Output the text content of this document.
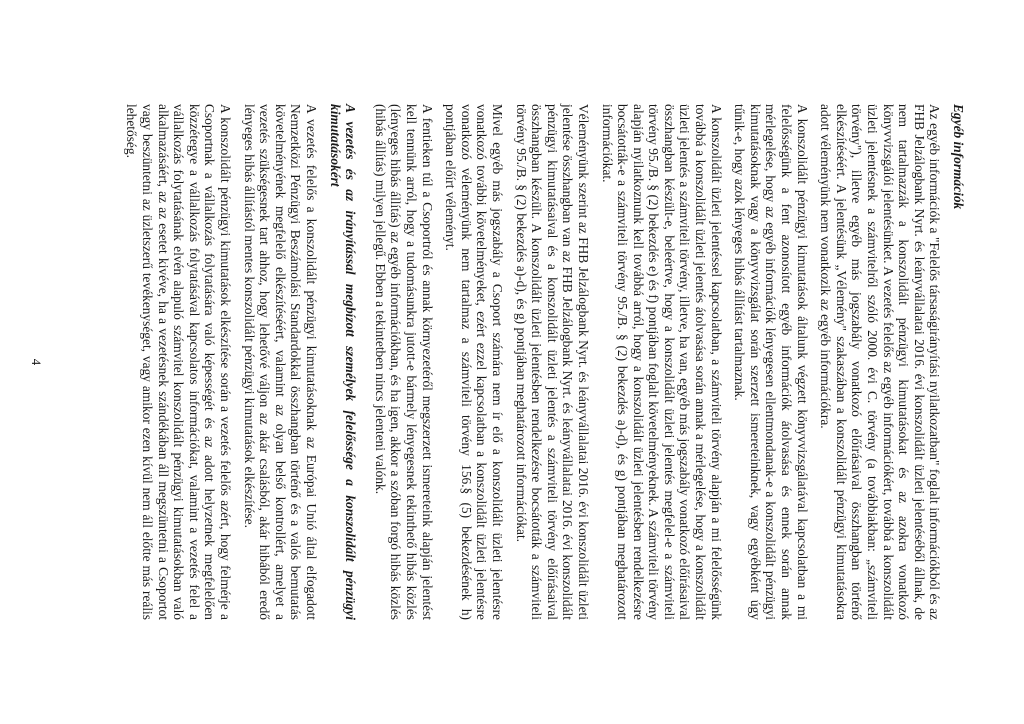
Egyéb információk

Az egyéb információk a "Felelős társaságirányítási nyilatkozatban" foglalt információkból és az FHB Jelzálogbank Nyrt. és leányvállalatai 2016. évi konszolidált üzleti jelentéséből állnak, de nem tartalmazzák a konszolidált pénzügyi kimutatásokat és az azokra vonatkozó könyvvizsgálói jelentésünket. A vezetés felelős az egyéb információkért, továbbá a konszolidált üzleti jelentésnek a számvitelről szóló 2000. évi C. törvény (a továbbiakban: „számviteli törvény"), illetve egyéb más jogszabály vonatkozó előírásaival összhangban történő elkészítéséért. A jelentésünk „Vélemény" szakaszában a konszolidált pénzügyi kimutatásokra adott véleményünk nem vonatkozik az egyéb információkra.

A konszolidált pénzügyi kimutatások általunk végzett könyvvizsgálatával kapcsolatban a mi felelősségünk a fent azonosított egyéb információk átolvasása és ennek során annak mérlegelése, hogy az egyéb információk lényegesen ellentmondanak-e a konszolidált pénzügyi kimutatásoknak vagy a könyvvizsgálat során szerzett ismereteinknek, vagy egyébként úgy tűnik-e, hogy azok lényeges hibás állítást tartalmaznak.

A konszolidált üzleti jelentéssel kapcsolatban, a számviteli törvény alapján a mi felelősségünk továbbá a konszolidált üzleti jelentés átolvasása során annak a mérlegelése, hogy a konszolidált üzleti jelentés a számviteli törvény, illetve, ha van, egyéb más jogszabály vonatkozó előírásaival összhangban készült-e, beleértve, hogy a konszolidált üzleti jelentés megfelel-e a számviteli törvény 95./B. § (2) bekezdés e) és f) pontjában foglalt követelményeknek. A számviteli törvény alapján nyilatkoznunk kell továbbá arról, hogy a konszolidált üzleti jelentésben rendelkezésre bocsátották-e a számviteli törvény 95./B. § (2) bekezdés a)-d), és g) pontjában meghatározott információkat.

Véleményünk szerint az FHB Jelzálogbank Nyrt. és leányvállalatai 2016. évi konszolidált üzleti jelentése összhangban van az FHB Jelzálogbank Nyrt. és leányvállalatai 2016. évi konszolidált pénzügyi kimutatásaival és a konszolidált üzleti jelentés a számviteli törvény előírásaival összhangban készült. A konszolidált üzleti jelentésben rendelkezésre bocsátották a számviteli törvény 95./B. § (2) bekezdés a)-d), és g) pontjában meghatározott információkat.

Mivel egyéb más jogszabály a Csoport számára nem ír elő a konszolidált üzleti jelentésre vonatkozó további követelményeket, ezért ezzel kapcsolatban a konszolidált üzleti jelentésre vonatkozó véleményünk nem tartalmaz a számviteli törvény 156.§ (5) bekezdésének h) pontjában előírt véleményt.

A fentieken túl a Csoportról és annak környezetéről megszerzett ismereteink alapján jelentést kell tennünk arról, hogy a tudomásunkra jutott-e bármely lényegesnek tekinthető hibás közlés (lényeges hibás állítás) az egyéb információkban, és ha igen, akkor a szóban forgó hibás közlés (hibás állítás) milyen jellegű. Ebben a tekintetben nincs jelenteni valónk.

A vezetés és az irányítással megbízott személyek felelőssége a konszolidált pénzügyi kimutatásokért

A vezetés felelős a konszolidált pénzügyi kimutatásoknak az Európai Unió által elfogadott Nemzetközi Pénzügyi Beszámolási Standardokkal összhangban történő és a valós bemutatás követelményének megfelelő elkészítéséért, valamint az olyan belső kontrollért, amelyet a vezetés szükségesnek tart ahhoz, hogy lehetővé váljon az akár csalásból, akár hibából eredő lényeges hibás állítástól mentes konszolidált pénzügyi kimutatások elkészítése.

A konszolidált pénzügyi kimutatások elkészítése során a vezetés felelős azért, hogy felmérje a Csoportnak a vállalkozás folytatására való képességét és az adott helyzetnek megfelelően közzétegye a vállalkozás folytatásával kapcsolatos információkat, valamint a vezetés felel a vállalkozás folytatásának elvén alapuló számvitel konszolidált pénzügyi kimutatásokban való alkalmazásáért, az az esetet kivéve, ha a vezetésnek szándékában áll megszüntetni a Csoportot vagy beszüntetni az üzletszerű tevékenységet, vagy amikor ezen kívül nem áll előtte más reális lehetőség.

4
